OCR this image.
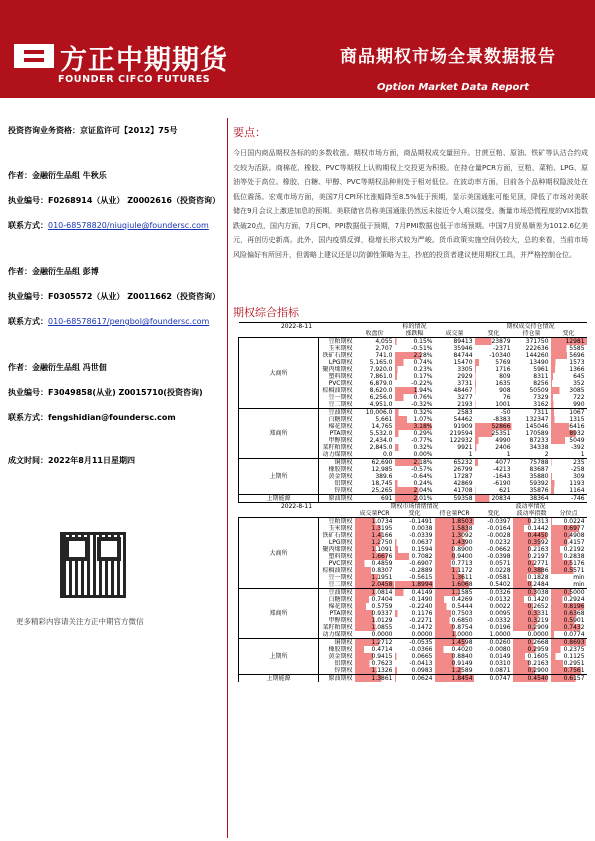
方正中期期货
FOUNDER CIFCO FUTURES
商品期权市场全景数据报告
Option Market Data Report
投资咨询业务资格：京证监许可【2012】75号
作者：金融衍生品组 牛秋乐
执业编号：F0268914（从业） Z0002616（投资咨询）
联系方式：010-68578820/niuqiule@foundersc.com
作者：金融衍生品组 彭博
执业编号：F0305572（从业） Z0011662（投资咨询）
联系方式：010-68578617/pengbol@foundersc.com
作者：金融衍生品组 冯世佃
执业编号：F3049858(从业) Z0015710(投资咨询)
联系方式：fengshidian@foundersc.com
成文时间：2022年8月11日星期四
更多精彩内容请关注方正中期官方微信
要点：
今日国内商品期权各标的的多数收涨。期权市场方面，商品期权成交量回升。甘蔗豆粕、原油、铁矿等认沽合约成交较为活跃。商棉花、橡胶、PVC等期权上认购期权上交投更为积极。在持仓量PCR方面，豆粕、菜粕、LPG、原油等处于高位。橡胶、白糖、甲醇、PVC等期权品种则处于相对低位。在波动率方面，目前各个品种期权隐波处在低位震荡。宏观市场方面，美国7月CPI环比涨幅降至8.5%低于预期，显示美国通胀可能见顶，降低了市场对美联储在9月会议上激进加息的预期。美联储官员称美国通胀仍然远未接近令人难以接受。衡量市场恐慌程度的VIX指数跌破20点，国内方面，7月CPI、PPI数据低于预期，7月PMI数据也低于市场预期。中国7月贸易顺差为1012.6亿美元，再创历史新高。此外，国内疫情反弹，稳增长形式较为严峻。货币政策实施空间仍较大，总的来看，当前市场风险偏好有所回升，但需略上建议还是以防御性策略为主，抄底的投资者建议使用期权工具，并严格控制仓位。
期权综合指标
2022-8-11		标的情况			期权成交持仓情况		
		收盘价	涨跌幅	成交量	变化	持仓量	变化
大商所	豆粕期权	4,055	0.15%	89413	23879	371750	12981
	玉米期权	2,707	-0.51%	35946	-2371	222636	5585
	铁矿石期权	741.0	2.28%	84744	-10340	144260	5696
	LPG期权	5,165.0	0.74%	15470	5769	13490	1573
	聚丙烯期权	7,920.0	0.23%	3305	1716	5961	1366
	塑料期权	7,861.0	0.17%	2929	809	8311	645
	PVC期权	6,879.0	-0.22%	3731	1635	8256	352
	棕榈油期权	8,620.0	1.94%	48467	908	50509	3085
	豆一期权	6,256.0	0.76%	3277	76	7329	722
	豆二期权	4,951.0	-0.32%	2193	1001	3162	990
郑商所	豆油期权	10,006.0	0.32%	2583	-50	7311	1067
	白糖期权	5,661	1.07%	54462	-8383	132347	1315
	棉花期权	14,765	3.18%	91909	52866	145046	6416
	PTA期权	5,532.0	0.29%	219594	25351	170589	8932
	甲醇期权	2,434.0	-0.77%	122932	4990	87233	5049
	菜籽粕期权	2,845.0	0.32%	9921	2406	34338	-392
	动力煤期权	0.0	0.00%	1	1	2	1
上期所	铜期权	62,690	2.18%	65232	4077	75788	235
	橡胶期权	12,985	-0.57%	26799	-4213	83687	-258
	黄金期权	389.6	-0.64%	17287	-1643	35880	309
	铝期权	18,745	0.24%	42869	-6190	59392	1193
	锌期权	25,265	2.04%	41708	621	35876	1164
上期能源	原油期权	691	2.01%	59358	20834	38364	-746
2022-8-11		期权市场情绪情况			波动率情况		
		成交量PCR	变化	持仓量PCR	变化	波动率指数	分位点
大商所	豆粕期权	1.0734	-0.1491	1.8503	-0.0397	0.2313	0.0224
	玉米期权	1.3195	0.0038	1.5838	-0.0164	0.1442	0.6977
	铁矿石期权	1.4166	-0.0339	1.3092	-0.0028	0.4450	0.4908
	LPG期权	1.2750	0.0637	1.4390	0.0232	0.3592	0.4157
	聚丙烯期权	1.1091	0.1594	0.8900	-0.0662	0.2163	0.2192
	塑料期权	1.6676	0.7082	0.9400	-0.0398	0.2197	0.2838
	PVC期权	0.4859	-0.6907	0.7713	0.0571	0.2771	0.5176
	棕榈油期权	0.8307	-0.2889	1.1172	0.0228	0.3886	0.5571
	豆一期权	1.1951	-0.5615	1.3611	-0.0581	0.1828	min
	豆二期权	2.0458	1.8994	1.6068	0.5402	0.2484	min
郑商所	豆油期权	1.0814	0.4149	1.1585	0.0326	0.3038	0.5000
	白糖期权	0.7404	-0.1490	0.4269	-0.0132	0.1420	0.2924
	棉花期权	0.5759	-0.2240	0.5444	0.0022	0.2652	0.8196
	PTA期权	0.9337	0.1176	0.7503	0.0095	0.3331	0.6368
	甲醇期权	1.0129	-0.2271	0.6850	-0.0332	0.3219	0.5901
	菜籽粕期权	1.0855	-0.1472	0.8754	0.0196	0.2909	0.7432
	动力煤期权	0.0000	0.0000	1.0000	1.0000	0.0000	0.0774
上期所	铜期权	1.2712	-0.0535	1.4598	0.0260	0.2668	0.8693
	橡胶期权	0.4714	-0.0366	0.4020	-0.0080	0.2959	0.2375
	黄金期权	0.9415	0.0665	0.8840	0.0149	0.1605	0.1125
	铝期权	0.7623	-0.0413	0.9149	0.0310	0.2163	0.2951
	锌期权	1.1326	0.0983	1.2589	0.0871	0.2900	0.7561
上期能源	原油期权	1.3861	0.0624	1.8454	0.0747	0.4540	0.6157
